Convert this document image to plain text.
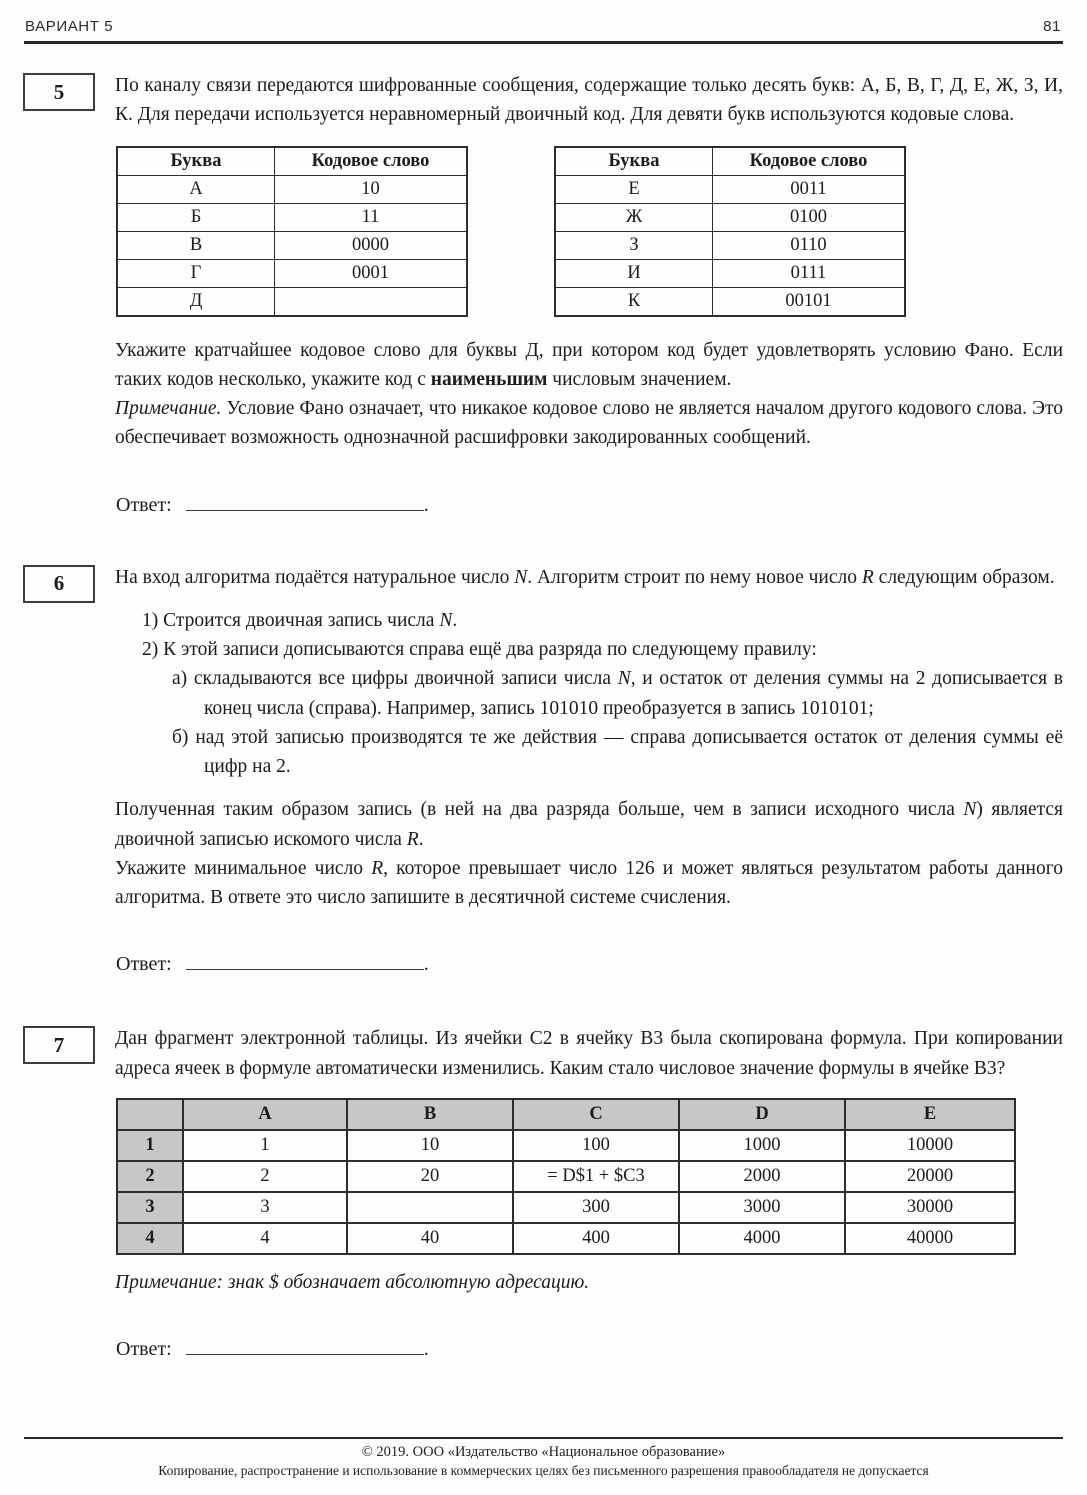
ВАРИАНТ 5	81
5	По каналу связи передаются шифрованные сообщения, содержащие только десять букв: А, Б, В, Г, Д, Е, Ж, З, И, К. Для передачи используется неравномерный двоичный код. Для девяти букв используются кодовые слова.

Буква	Кодовое слово
А	10
Б	11
В	0000
Г	0001
Д	
Буква	Кодовое слово
Е	0011
Ж	0100
З	0110
И	0111
К	00101

Укажите кратчайшее кодовое слово для буквы Д, при котором код будет удовлетворять условию Фано. Если таких кодов несколько, укажите код с наименьшим числовым значением.

Примечание. Условие Фано означает, что никакое кодовое слово не является началом другого кодового слова. Это обеспечивает возможность однозначной расшифровки закодированных сообщений.

Ответ:	.
6	На вход алгоритма подаётся натуральное число N. Алгоритм строит по нему новое число R следующим образом.

1) Строится двоичная запись числа N.
2) К этой записи дописываются справа ещё два разряда по следующему правилу:
а) складываются все цифры двоичной записи числа N, и остаток от деления суммы на 2 дописывается в конец числа (справа). Например, запись 101010 преобразуется в запись 1010101;
б) над этой записью производятся те же действия — справа дописывается остаток от деления суммы её цифр на 2.

Полученная таким образом запись (в ней на два разряда больше, чем в записи исходного числа N) является двоичной записью искомого числа R.

Укажите минимальное число R, которое превышает число 126 и может являться результатом работы данного алгоритма. В ответе это число запишите в десятичной системе счисления.

Ответ:	.
7	Дан фрагмент электронной таблицы. Из ячейки C2 в ячейку B3 была скопирована формула. При копировании адреса ячеек в формуле автоматически изменились. Каким стало числовое значение формулы в ячейке B3?

	A	B	C	D	E
1	1	10	100	1000	10000
2	2	20	= D$1 + $C3	2000	20000
3	3		300	3000	30000
4	4	40	400	4000	40000

Примечание: знак $ обозначает абсолютную адресацию.

Ответ:	.
© 2019. ООО «Издательство «Национальное образование»
Копирование, распространение и использование в коммерческих целях без письменного разрешения правообладателя не допускается
